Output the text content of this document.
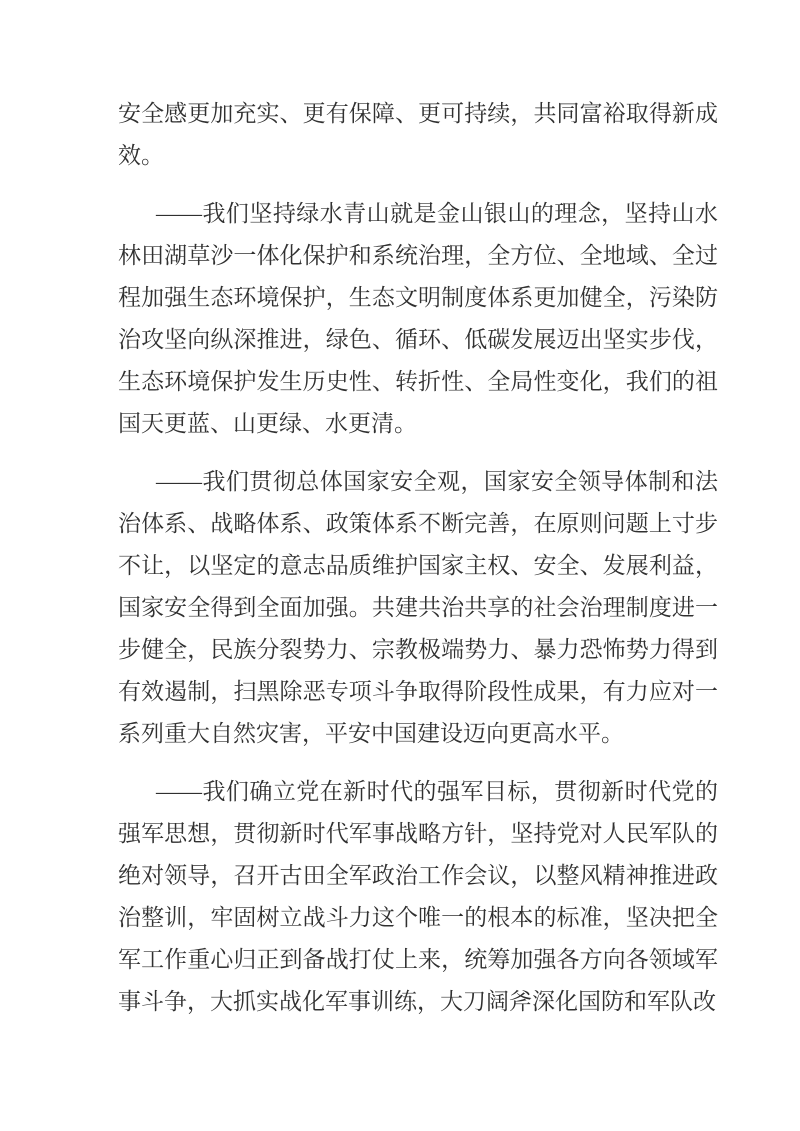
安全感更加充实、更有保障、更可持续，共同富裕取得新成效。

——我们坚持绿水青山就是金山银山的理念，坚持山水林田湖草沙一体化保护和系统治理，全方位、全地域、全过程加强生态环境保护，生态文明制度体系更加健全，污染防治攻坚向纵深推进，绿色、循环、低碳发展迈出坚实步伐，生态环境保护发生历史性、转折性、全局性变化，我们的祖国天更蓝、山更绿、水更清。

——我们贯彻总体国家安全观，国家安全领导体制和法治体系、战略体系、政策体系不断完善，在原则问题上寸步不让，以坚定的意志品质维护国家主权、安全、发展利益，国家安全得到全面加强。共建共治共享的社会治理制度进一步健全，民族分裂势力、宗教极端势力、暴力恐怖势力得到有效遏制，扫黑除恶专项斗争取得阶段性成果，有力应对一系列重大自然灾害，平安中国建设迈向更高水平。

——我们确立党在新时代的强军目标，贯彻新时代党的强军思想，贯彻新时代军事战略方针，坚持党对人民军队的绝对领导，召开古田全军政治工作会议，以整风精神推进政治整训，牢固树立战斗力这个唯一的根本的标准，坚决把全军工作重心归正到备战打仗上来，统筹加强各方向各领域军事斗争，大抓实战化军事训练，大刀阔斧深化国防和军队改
